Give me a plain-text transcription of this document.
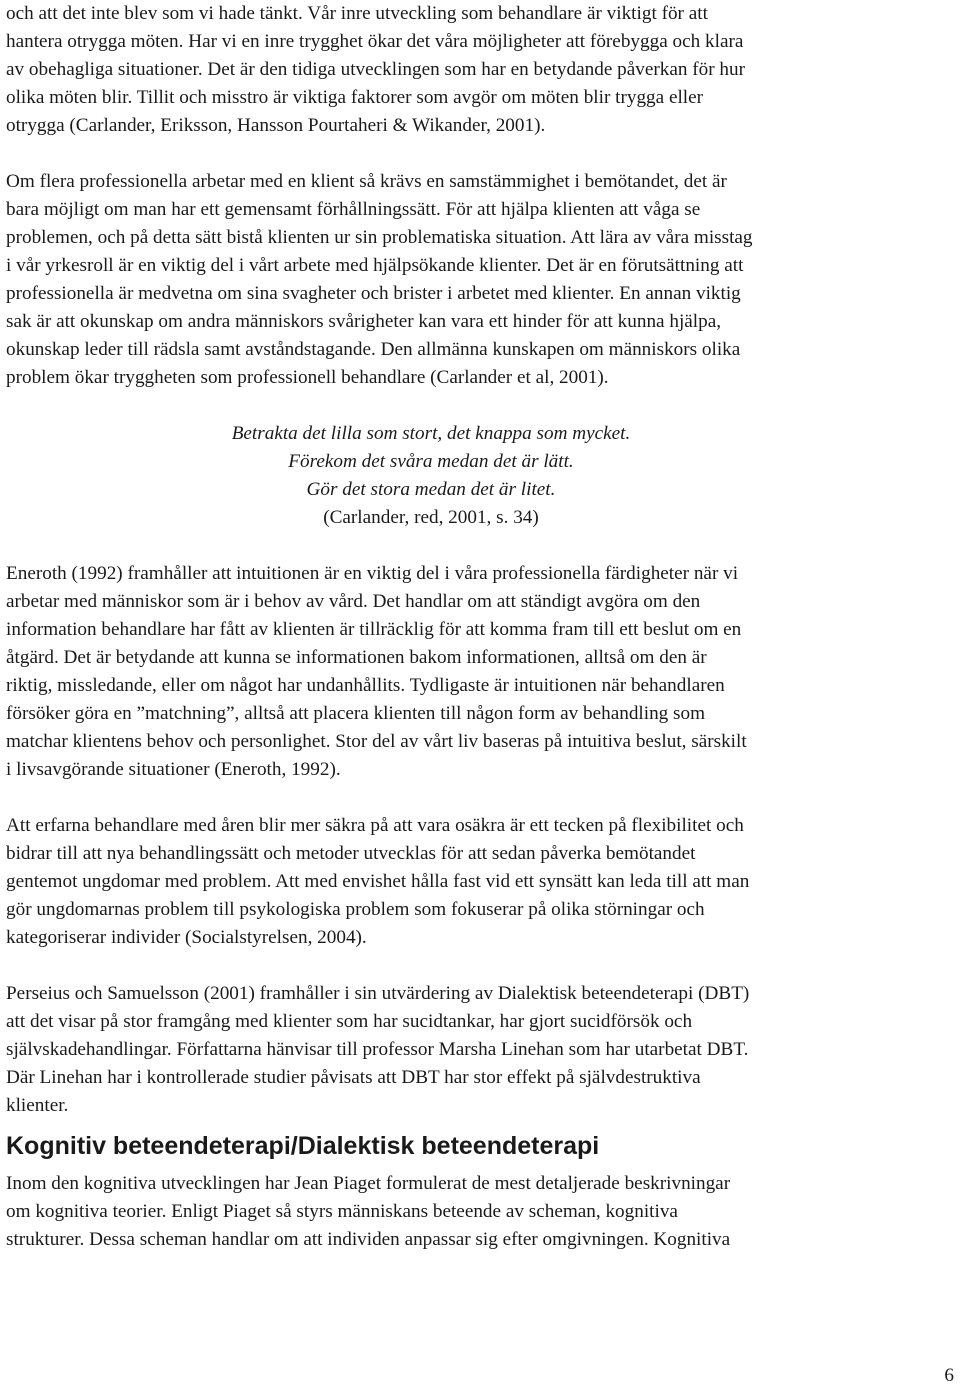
och att det inte blev som vi hade tänkt. Vår inre utveckling som behandlare är viktigt för att
hantera otrygga möten. Har vi en inre trygghet ökar det våra möjligheter att förebygga och klara
av obehagliga situationer. Det är den tidiga utvecklingen som har en betydande påverkan för hur
olika möten blir. Tillit och misstro är viktiga faktorer som avgör om möten blir trygga eller
otrygga (Carlander, Eriksson, Hansson Pourtaheri & Wikander, 2001).

Om flera professionella arbetar med en klient så krävs en samstämmighet i bemötandet, det är
bara möjligt om man har ett gemensamt förhållningssätt. För att hjälpa klienten att våga se
problemen, och på detta sätt bistå klienten ur sin problematiska situation. Att lära av våra misstag
i vår yrkesroll är en viktig del i vårt arbete med hjälpsökande klienter. Det är en förutsättning att
professionella är medvetna om sina svagheter och brister i arbetet med klienter. En annan viktig
sak är att okunskap om andra människors svårigheter kan vara ett hinder för att kunna hjälpa,
okunskap leder till rädsla samt avståndstagande. Den allmänna kunskapen om människors olika
problem ökar tryggheten som professionell behandlare (Carlander et al, 2001).

Betrakta det lilla som stort, det knappa som mycket.
Förekom det svåra medan det är lätt.
Gör det stora medan det är litet.
(Carlander, red, 2001, s. 34)

Eneroth (1992) framhåller att intuitionen är en viktig del i våra professionella färdigheter när vi
arbetar med människor som är i behov av vård. Det handlar om att ständigt avgöra om den
information behandlare har fått av klienten är tillräcklig för att komma fram till ett beslut om en
åtgärd. Det är betydande att kunna se informationen bakom informationen, alltså om den är
riktig, missledande, eller om något har undanhållits. Tydligaste är intuitionen när behandlaren
försöker göra en ”matchning”, alltså att placera klienten till någon form av behandling som
matchar klientens behov och personlighet. Stor del av vårt liv baseras på intuitiva beslut, särskilt
i livsavgörande situationer (Eneroth, 1992).

Att erfarna behandlare med åren blir mer säkra på att vara osäkra är ett tecken på flexibilitet och
bidrar till att nya behandlingssätt och metoder utvecklas för att sedan påverka bemötandet
gentemot ungdomar med problem. Att med envishet hålla fast vid ett synsätt kan leda till att man
gör ungdomarnas problem till psykologiska problem som fokuserar på olika störningar och
kategoriserar individer (Socialstyrelsen, 2004).

Perseius och Samuelsson (2001) framhåller i sin utvärdering av Dialektisk beteendeterapi (DBT)
att det visar på stor framgång med klienter som har sucidtankar, har gjort sucidförsök och
självskadehandlingar. Författarna hänvisar till professor Marsha Linehan som har utarbetat DBT.
Där Linehan har i kontrollerade studier påvisats att DBT har stor effekt på självdestruktiva
klienter.

Kognitiv beteendeterapi/Dialektisk beteendeterapi

Inom den kognitiva utvecklingen har Jean Piaget formulerat de mest detaljerade beskrivningar
om kognitiva teorier. Enligt Piaget så styrs människans beteende av scheman, kognitiva
strukturer. Dessa scheman handlar om att individen anpassar sig efter omgivningen. Kognitiva

6
